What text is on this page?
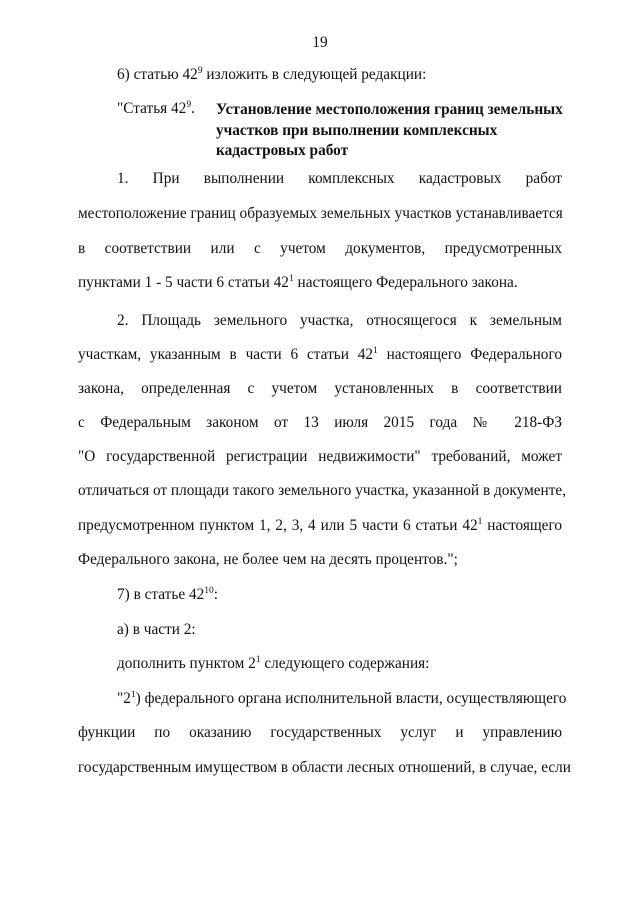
19
6) статью $42^9$ изложить в следующей редакции:
"Статья $42^9$. Установление местоположения границ земельных
участков при выполнении комплексных
кадастровых работ
1. При выполнении комплексных кадастровых работ
местоположение границ образуемых земельных участков устанавливается
в соответствии или с учетом документов, предусмотренных
пунктами 1 - 5 части 6 статьи $42^1$ настоящего Федерального закона.
2. Площадь земельного участка, относящегося к земельным
участкам, указанным в части 6 статьи $42^1$ настоящего Федерального
закона, определенная с учетом установленных в соответствии
с Федеральным законом от 13 июля 2015 года № 218-ФЗ
"О государственной регистрации недвижимости" требований, может
отличаться от площади такого земельного участка, указанной в документе,
предусмотренном пунктом 1, 2, 3, 4 или 5 части 6 статьи $42^1$ настоящего
Федерального закона, не более чем на десять процентов.";
7) в статье $42^{10}$:
а) в части 2:
дополнить пунктом $2^1$ следующего содержания:
"$2^1$) федерального органа исполнительной власти, осуществляющего
функции по оказанию государственных услуг и управлению
государственным имуществом в области лесных отношений, в случае, если
